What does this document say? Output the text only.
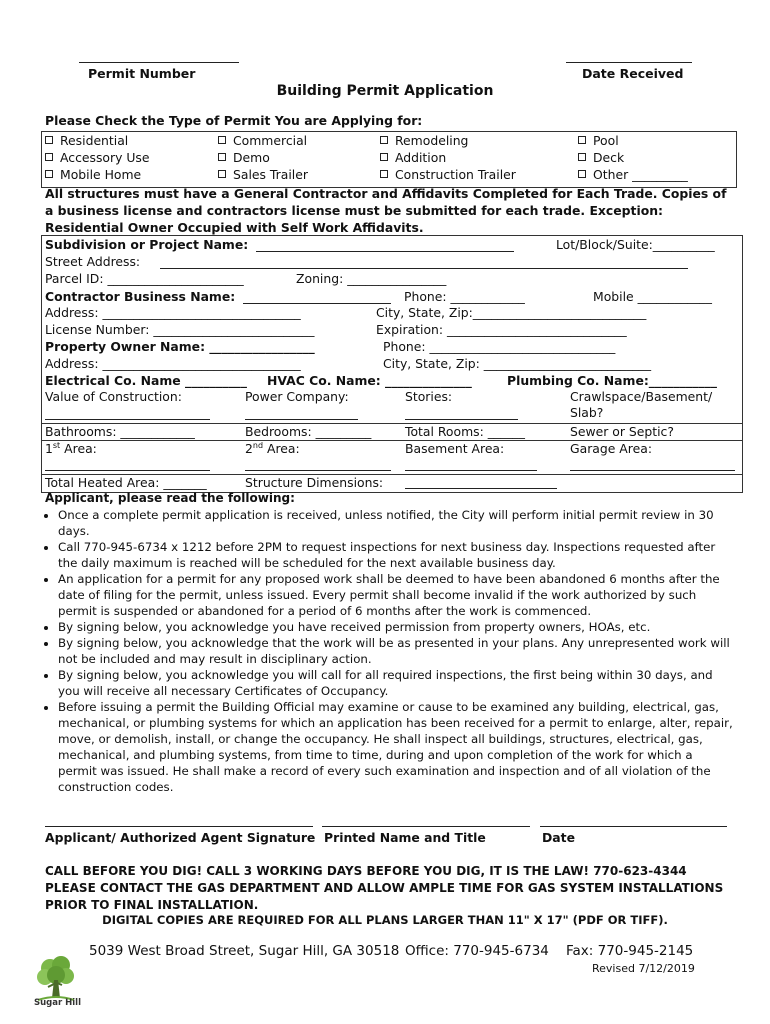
Permit Number	Date Received
Building Permit Application
Please Check the Type of Permit You are Applying for:
Residential	Commercial	Remodeling	Pool
Accessory Use	Demo	Addition	Deck
Mobile Home	Sales Trailer	Construction Trailer	Other _________
All structures must have a General Contractor and Affidavits Completed for Each Trade. Copies of a business license and contractors license must be submitted for each trade. Exception: Residential Owner Occupied with Self Work Affidavits.
Subdivision or Project Name:	Lot/Block/Suite:__________
Street Address:
Parcel ID: ______________________	Zoning: ________________
Contractor Business Name:	Phone: ____________	Mobile ____________
Address: ________________________________	City, State, Zip:____________________________
License Number: __________________________	Expiration: _____________________________
Property Owner Name: _________________	Phone: ______________________________
Address: ________________________________	City, State, Zip: ___________________________
Electrical Co. Name __________ HVAC Co. Name: ______________	Plumbing Co. Name:___________
Value of Construction:	Power Company:	Stories:	Crawlspace/Basement/
Slab?
Bathrooms: ____________	Bedrooms: _________	Total Rooms: ______	Sewer or Septic?
1st Area:	2nd Area:	Basement Area:	Garage Area:
Total Heated Area: _______	Structure Dimensions:
Applicant, please read the following:
• Once a complete permit application is received, unless notified, the City will perform initial permit review in 30 days.
• Call 770-945-6734 x 1212 before 2PM to request inspections for next business day. Inspections requested after the daily maximum is reached will be scheduled for the next available business day.
• An application for a permit for any proposed work shall be deemed to have been abandoned 6 months after the date of filing for the permit, unless issued. Every permit shall become invalid if the work authorized by such permit is suspended or abandoned for a period of 6 months after the work is commenced.
• By signing below, you acknowledge you have received permission from property owners, HOAs, etc.
• By signing below, you acknowledge that the work will be as presented in your plans. Any unrepresented work will not be included and may result in disciplinary action.
• By signing below, you acknowledge you will call for all required inspections, the first being within 30 days, and you will receive all necessary Certificates of Occupancy.
• Before issuing a permit the Building Official may examine or cause to be examined any building, electrical, gas, mechanical, or plumbing systems for which an application has been received for a permit to enlarge, alter, repair, move, or demolish, install, or change the occupancy. He shall inspect all buildings, structures, electrical, gas, mechanical, and plumbing systems, from time to time, during and upon completion of the work for which a permit was issued. He shall make a record of every such examination and inspection and of all violation of the construction codes.
Applicant/ Authorized Agent Signature Printed Name and Title	Date
CALL BEFORE YOU DIG! CALL 3 WORKING DAYS BEFORE YOU DIG, IT IS THE LAW! 770-623-4344
PLEASE CONTACT THE GAS DEPARTMENT AND ALLOW AMPLE TIME FOR GAS SYSTEM INSTALLATIONS PRIOR TO FINAL INSTALLATION.
DIGITAL COPIES ARE REQUIRED FOR ALL PLANS LARGER THAN 11" X 17" (PDF OR TIFF).
5039 West Broad Street, Sugar Hill, GA 30518 Office: 770-945-6734 Fax: 770-945-2145
Revised 7/12/2019
Sugar Hill
